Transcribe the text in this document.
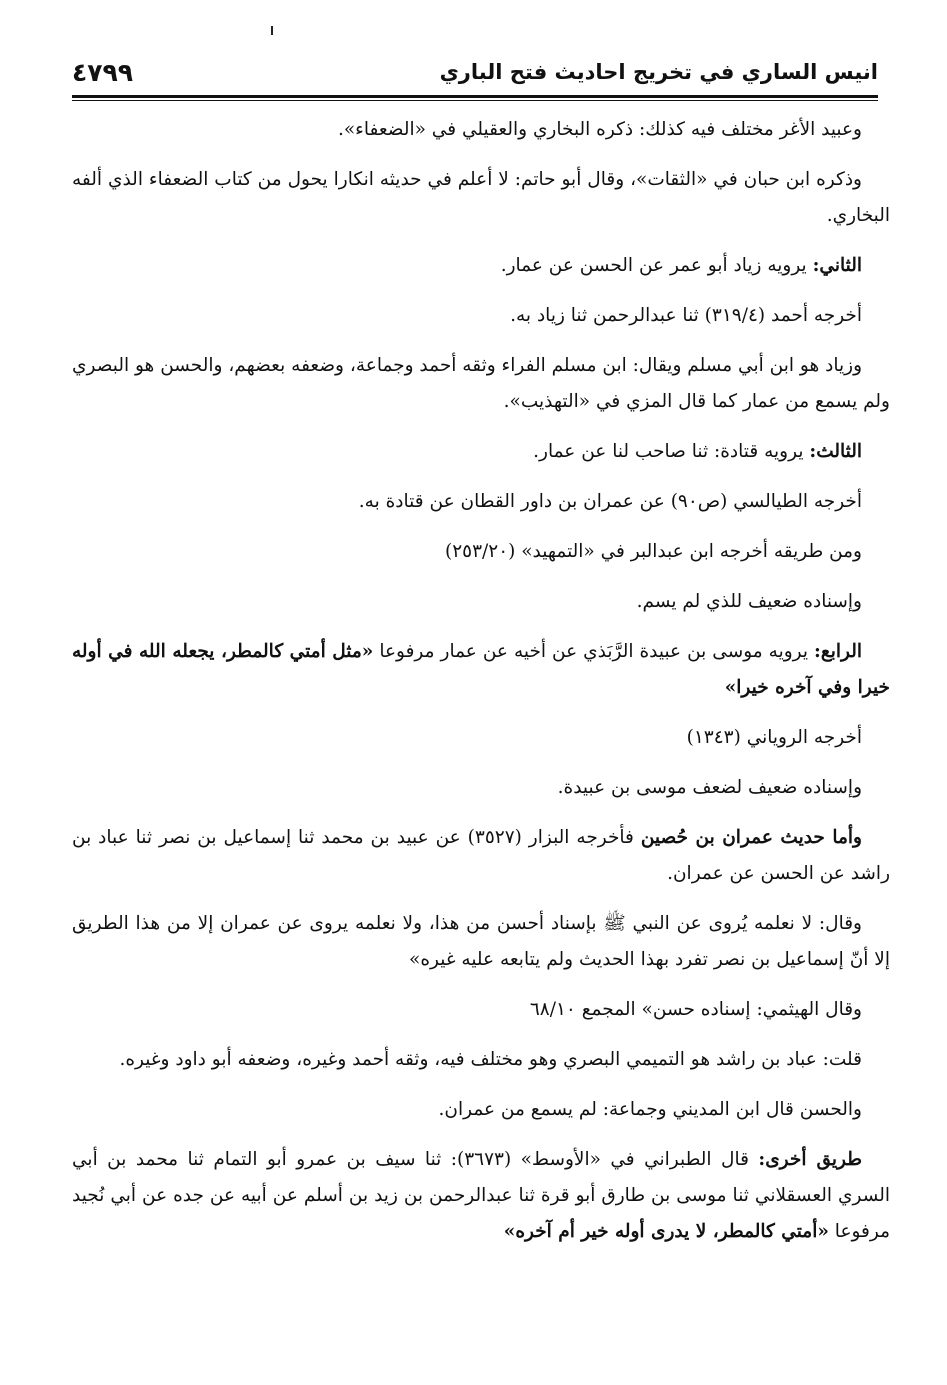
انيس الساري في تخريج احاديث فتح الباري
٤٧٩٩

وعبيد الأغر مختلف فيه كذلك: ذكره البخاري والعقيلي في «الضعفاء».

وذكره ابن حبان في «الثقات»، وقال أبو حاتم: لا أعلم في حديثه انكارا يحول من كتاب الضعفاء الذي ألفه البخاري.

الثاني: يرويه زياد أبو عمر عن الحسن عن عمار.

أخرجه أحمد (٣١٩/٤) ثنا عبدالرحمن ثنا زياد به.

وزياد هو ابن أبي مسلم ويقال: ابن مسلم الفراء وثقه أحمد وجماعة، وضعفه بعضهم، والحسن هو البصري ولم يسمع من عمار كما قال المزي في «التهذيب».

الثالث: يرويه قتادة: ثنا صاحب لنا عن عمار.

أخرجه الطيالسي (ص٩٠) عن عمران بن داور القطان عن قتادة به.

ومن طريقه أخرجه ابن عبدالبر في «التمهيد» (٢٥٣/٢٠)

وإسناده ضعيف للذي لم يسم.

الرابع: يرويه موسى بن عبيدة الرَّبَذي عن أخيه عن عمار مرفوعا «مثل أمتي كالمطر، يجعله الله في أوله خيرا وفي آخره خيرا»

أخرجه الروياني (١٣٤٣)

وإسناده ضعيف لضعف موسى بن عبيدة.

وأما حديث عمران بن حُصين فأخرجه البزار (٣٥٢٧) عن عبيد بن محمد ثنا إسماعيل بن نصر ثنا عباد بن راشد عن الحسن عن عمران.

وقال: لا نعلمه يُروى عن النبي ﷺ بإسناد أحسن من هذا، ولا نعلمه يروى عن عمران إلا من هذا الطريق إلا أنّ إسماعيل بن نصر تفرد بهذا الحديث ولم يتابعه عليه غيره»

وقال الهيثمي: إسناده حسن» المجمع ٦٨/١٠

قلت: عباد بن راشد هو التميمي البصري وهو مختلف فيه، وثقه أحمد وغيره، وضعفه أبو داود وغيره.

والحسن قال ابن المديني وجماعة: لم يسمع من عمران.

طريق أخرى: قال الطبراني في «الأوسط» (٣٦٧٣): ثنا سيف بن عمرو أبو التمام ثنا محمد بن أبي السري العسقلاني ثنا موسى بن طارق أبو قرة ثنا عبدالرحمن بن زيد بن أسلم عن أبيه عن جده عن أبي نُجيد مرفوعا «أمتي كالمطر، لا يدرى أوله خير أم آخره»
